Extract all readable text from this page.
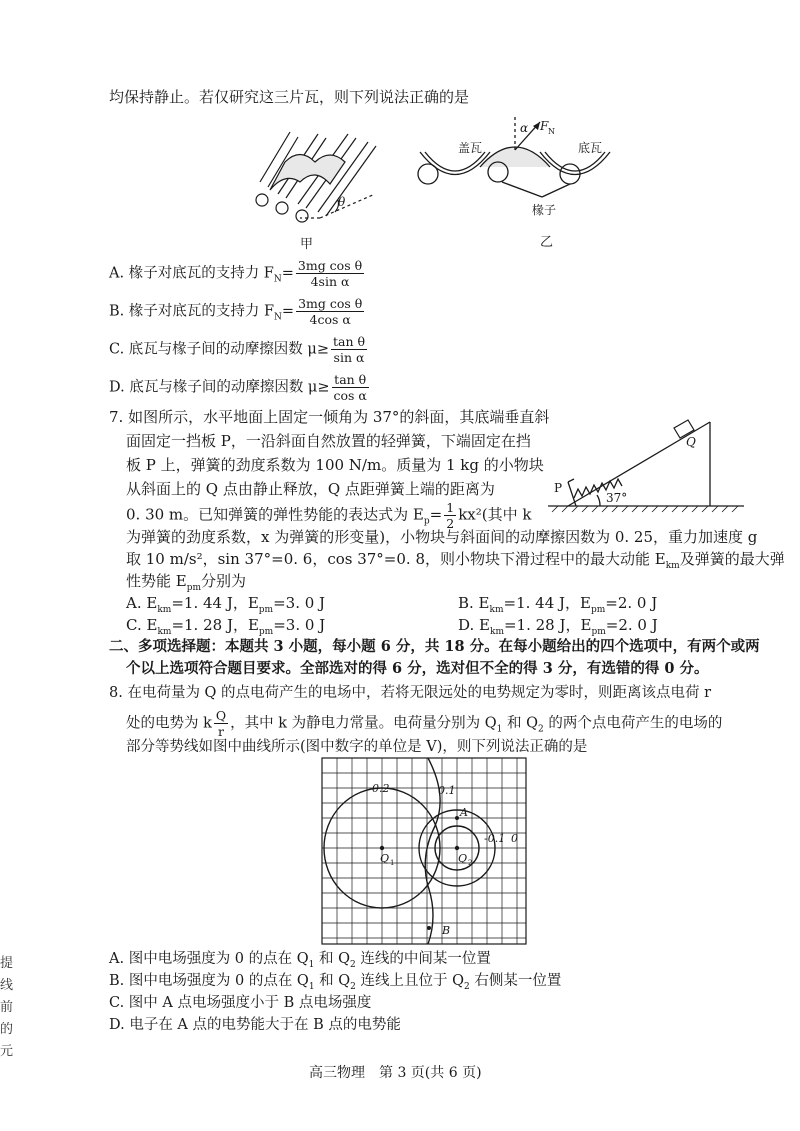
均保持静止。若仅研究这三片瓦，则下列说法正确的是
θ
甲
盖瓦
α F N
底瓦
椽子
乙
A. 椽子对底瓦的支持力 $F_N= \frac{\text{3mg cos θ}}{\text{4sin α}}$
B. 椽子对底瓦的支持力 $F_N= \frac{\text{3mg cos θ}}{\text{4cos α}}$
C. 底瓦与椽子间的动摩擦因数 $\mu\ge \frac{\text{tan θ}}{\text{sin α}}$
D. 底瓦与椽子间的动摩擦因数 $\mu\ge \frac{\text{tan θ}}{\text{cos α}}$
7. 如图所示，水平地面上固定一倾角为 37°的斜面，其底端垂直斜
面固定一挡板 P，一沿斜面自然放置的轻弹簧，下端固定在挡
板 P 上，弹簧的劲度系数为 100 N/m。质量为 1 kg 的小物块
从斜面上的 Q 点由静止释放，Q 点距弹簧上端的距离为
0. 30 m。已知弹簧的弹性势能的表达式为 $E_p= \frac{1}{2} kx^2$(其中 k
P
Q
37°
为弹簧的劲度系数，x 为弹簧的形变量)，小物块与斜面间的动摩擦因数为 0. 25，重力加速度 g
取 10 m/s²，sin 37°=0. 6，cos 37°=0. 8，则小物块下滑过程中的最大动能 $E_{km}$及弹簧的最大弹
性势能 $E_{pm}$分别为
A. $E_{km}=1$. 44 J，$E_{pm}=3$. 0 J	B. $E_{km}=1$. 44 J，$E_{pm}=2$. 0 J
C. $E_{km}=1$. 28 J，$E_{pm}=3$. 0 J	D. $E_{km}=1$. 28 J，$E_{pm}=2$. 0 J
二、多项选择题：本题共 3 小题，每小题 6 分，共 18 分。在每小题给出的四个选项中，有两个或两
个以上选项符合题目要求。全部选对的得 6 分，选对但不全的得 3 分，有选错的得 0 分。
8. 在电荷量为 Q 的点电荷产生的电场中，若将无限远处的电势规定为零时，则距离该点电荷 r
处的电势为 k $\frac{Q}{r}$ ，其中 k 为静电力常量。电荷量分别为 $Q_1$ 和 $Q_2$ 的两个点电荷产生的电场的
部分等势线如图中曲线所示(图中数字的单位是 V)，则下列说法正确的是
0.2	0.1
A
B
-0.1 0
Q 1	Q 2
A. 图中电场强度为 0 的点在 $Q_1$ 和 $Q_2$ 连线的中间某一位置
B. 图中电场强度为 0 的点在 $Q_1$ 和 $Q_2$ 连线上且位于 $Q_2$ 右侧某一位置
C. 图中 A 点电场强度小于 B 点电场强度
D. 电子在 A 点的电势能大于在 B 点的电势能
高三物理　第 3 页(共 6 页)
提
线
前
的
元
